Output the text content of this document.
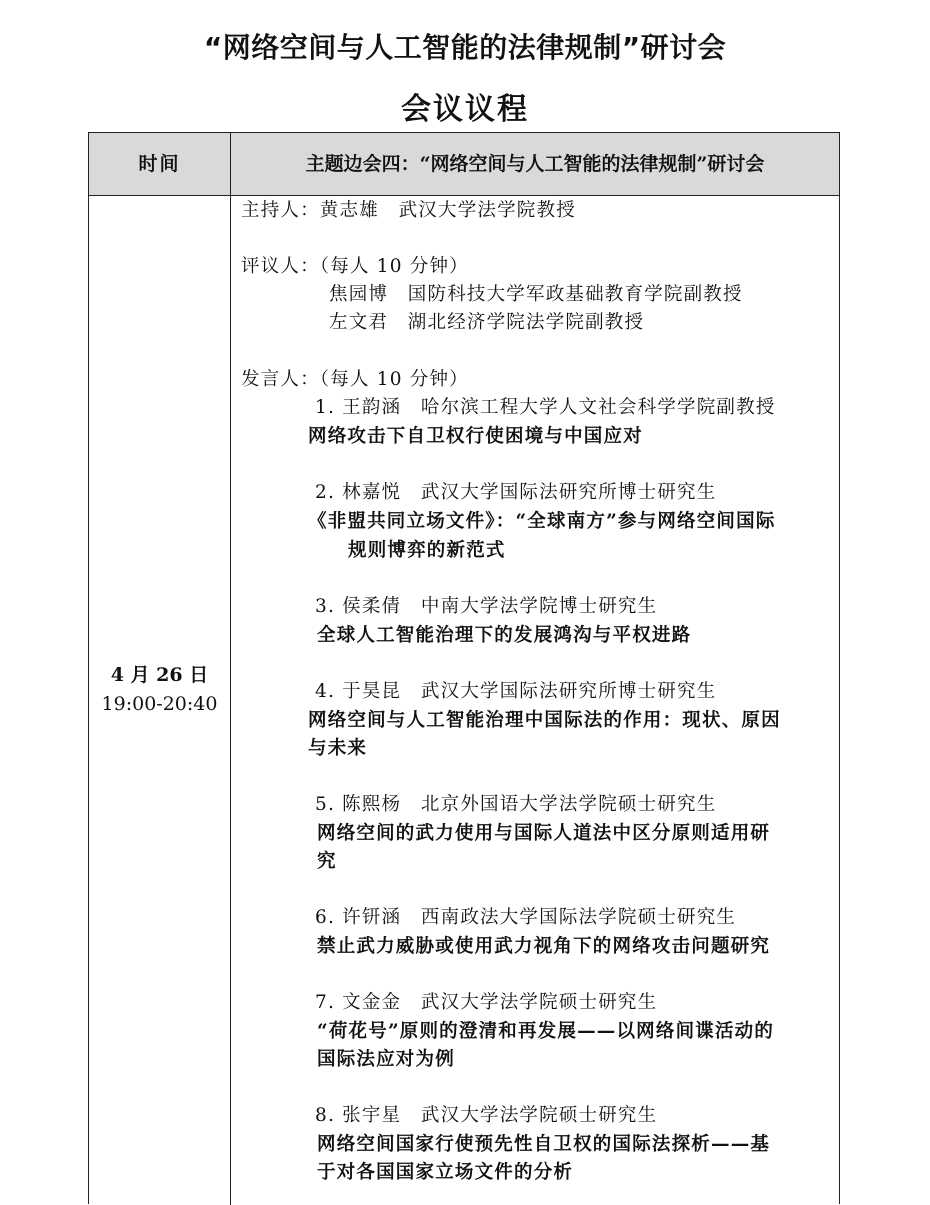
“网络空间与人工智能的法律规制”研讨会
会议议程
时间	主题边会四：“网络空间与人工智能的法律规制”研讨会
4 月 26 日
19:00-20:40
主持人：黄志雄　武汉大学法学院教授
评议人：（每人 10 分钟）
焦园博　国防科技大学军政基础教育学院副教授
左文君　湖北经济学院法学院副教授
发言人：（每人 10 分钟）
1. 王韵涵　哈尔滨工程大学人文社会科学学院副教授
网络攻击下自卫权行使困境与中国应对
2. 林嘉悦　武汉大学国际法研究所博士研究生
《非盟共同立场文件》：“全球南方”参与网络空间国际
规则博弈的新范式
3. 侯柔倩　中南大学法学院博士研究生
全球人工智能治理下的发展鸿沟与平权进路
4. 于昊昆　武汉大学国际法研究所博士研究生
网络空间与人工智能治理中国际法的作用：现状、原因
与未来
5. 陈熙杨　北京外国语大学法学院硕士研究生
网络空间的武力使用与国际人道法中区分原则适用研
究
6. 许钘涵　西南政法大学国际法学院硕士研究生
禁止武力威胁或使用武力视角下的网络攻击问题研究
7. 文金金　武汉大学法学院硕士研究生
“荷花号”原则的澄清和再发展——以网络间谍活动的
国际法应对为例
8. 张宇星　武汉大学法学院硕士研究生
网络空间国家行使预先性自卫权的国际法探析——基
于对各国国家立场文件的分析
